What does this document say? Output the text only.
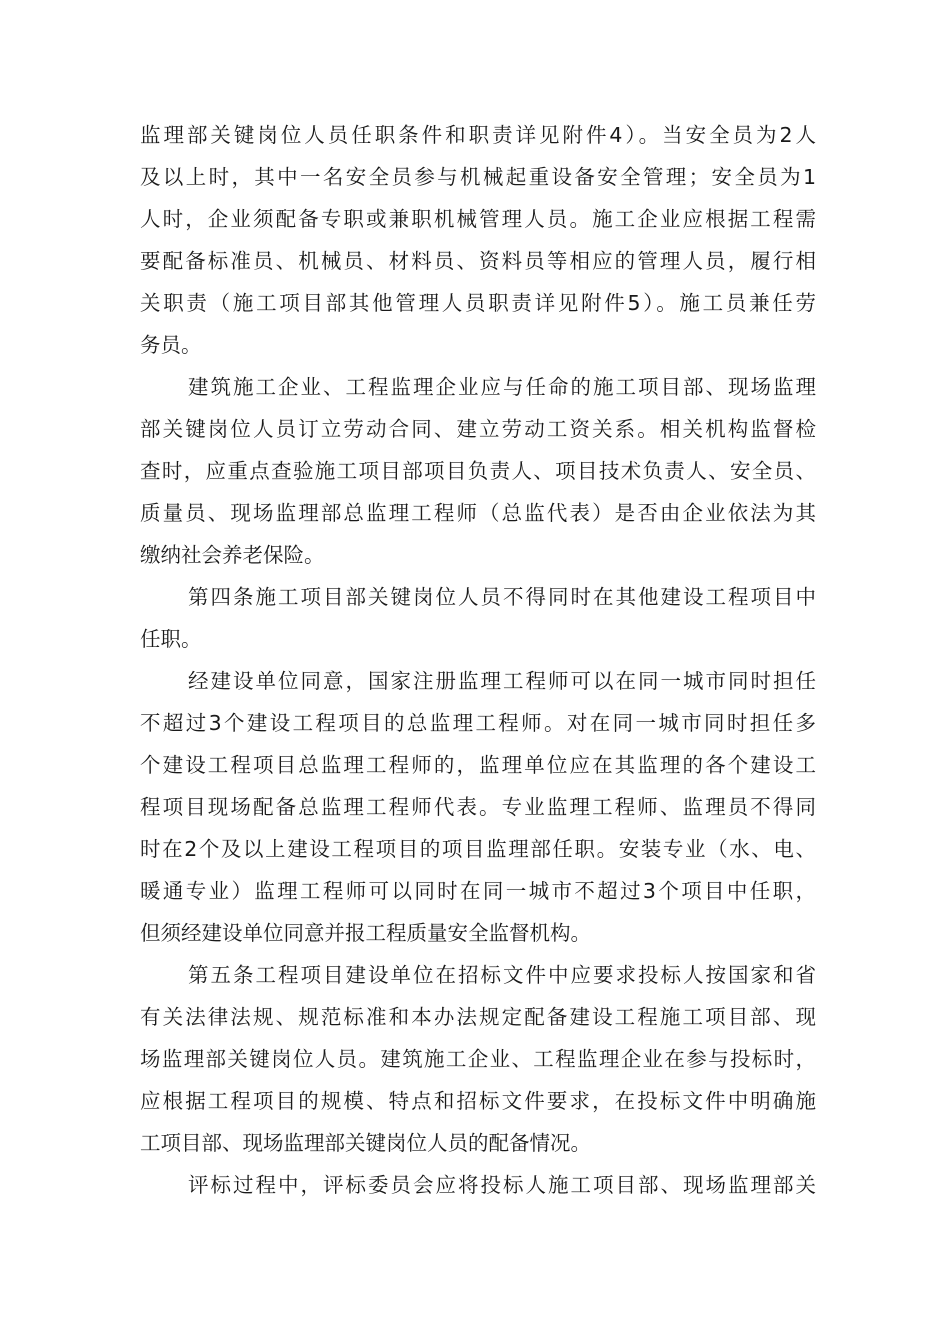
监理部关键岗位人员任职条件和职责详见附件4）。当安全员为2人
及以上时，其中一名安全员参与机械起重设备安全管理；安全员为1
人时，企业须配备专职或兼职机械管理人员。施工企业应根据工程需
要配备标准员、机械员、材料员、资料员等相应的管理人员，履行相
关职责（施工项目部其他管理人员职责详见附件5）。施工员兼任劳
务员。
建筑施工企业、工程监理企业应与任命的施工项目部、现场监理
部关键岗位人员订立劳动合同、建立劳动工资关系。相关机构监督检
查时，应重点查验施工项目部项目负责人、项目技术负责人、安全员、
质量员、现场监理部总监理工程师（总监代表）是否由企业依法为其
缴纳社会养老保险。
第四条施工项目部关键岗位人员不得同时在其他建设工程项目中
任职。
经建设单位同意，国家注册监理工程师可以在同一城市同时担任
不超过3个建设工程项目的总监理工程师。对在同一城市同时担任多
个建设工程项目总监理工程师的，监理单位应在其监理的各个建设工
程项目现场配备总监理工程师代表。专业监理工程师、监理员不得同
时在2个及以上建设工程项目的项目监理部任职。安装专业（水、电、
暖通专业）监理工程师可以同时在同一城市不超过3个项目中任职，
但须经建设单位同意并报工程质量安全监督机构。
第五条工程项目建设单位在招标文件中应要求投标人按国家和省
有关法律法规、规范标准和本办法规定配备建设工程施工项目部、现
场监理部关键岗位人员。建筑施工企业、工程监理企业在参与投标时，
应根据工程项目的规模、特点和招标文件要求，在投标文件中明确施
工项目部、现场监理部关键岗位人员的配备情况。
评标过程中，评标委员会应将投标人施工项目部、现场监理部关
